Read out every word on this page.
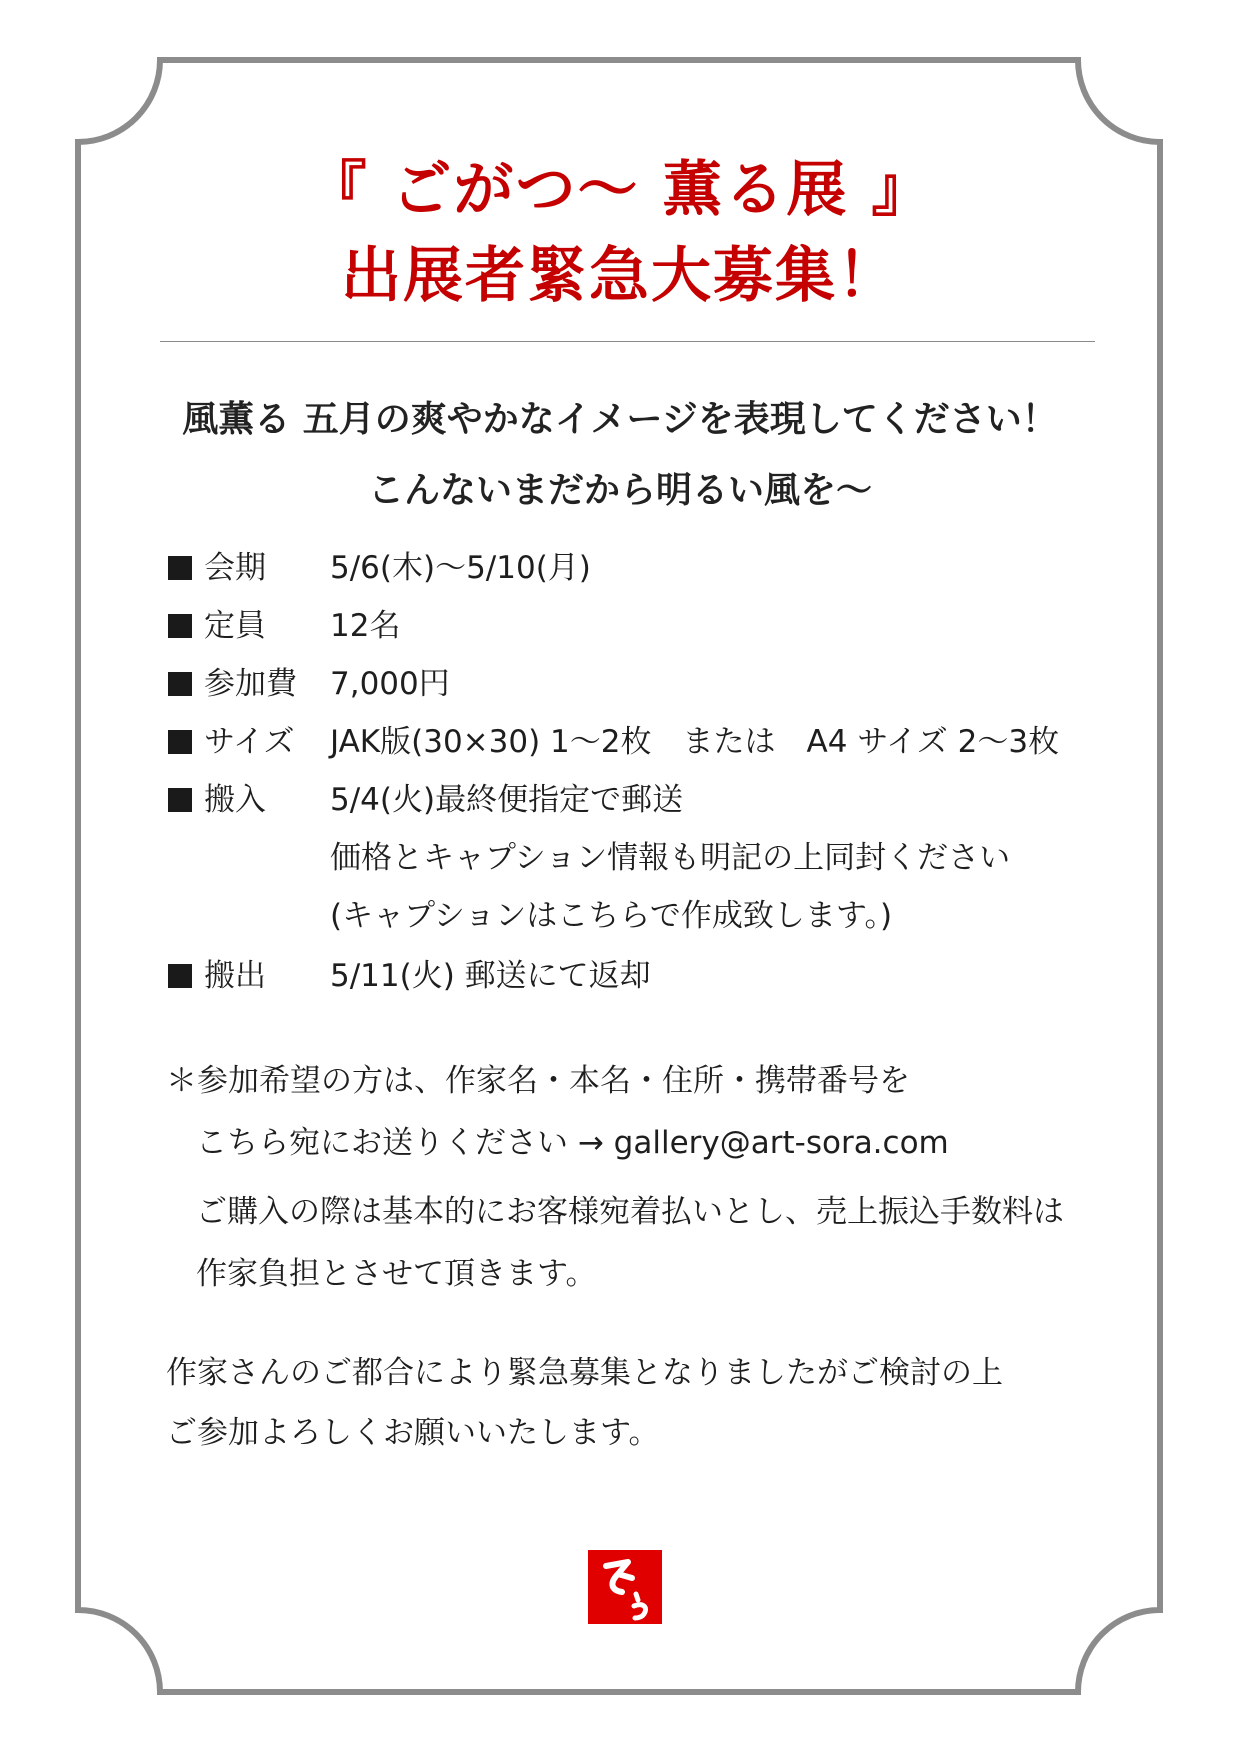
『 ごがつ〜 薫る展 』
出展者緊急大募集！
風薫る 五月の爽やかなイメージを表現してください！
こんないまだから明るい風を〜
会期 5/6(木)〜5/10(月)
定員 12名
参加費 7,000円
サイズ JAK版(30×30) 1〜2枚　または　A4 サイズ 2〜3枚
搬入 5/4(火)最終便指定で郵送
価格とキャプション情報も明記の上同封ください
(キャプションはこちらで作成致します。)
搬出 5/11(火) 郵送にて返却
＊参加希望の方は、作家名・本名・住所・携帯番号を
こちら宛にお送りください → gallery@art-sora.com
ご購入の際は基本的にお客様宛着払いとし、売上振込手数料は
作家負担とさせて頂きます。
作家さんのご都合により緊急募集となりましたがご検討の上
ご参加よろしくお願いいたします。
